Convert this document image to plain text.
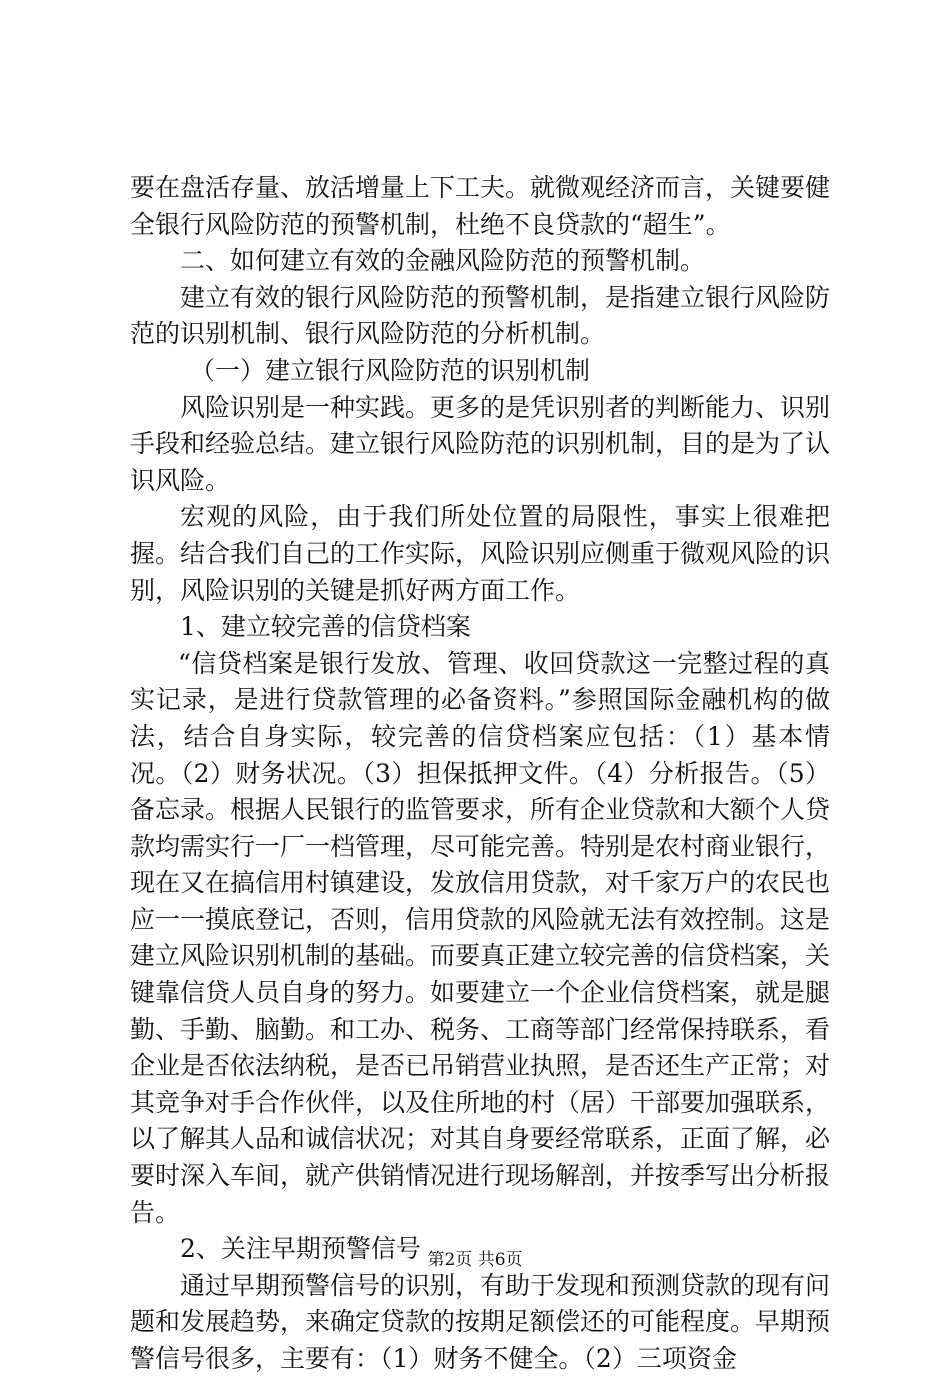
要在盘活存量、放活增量上下工夫。就微观经济而言，关键要健全银行风险防范的预警机制，杜绝不良贷款的“超生”。

二、如何建立有效的金融风险防范的预警机制。

建立有效的银行风险防范的预警机制，是指建立银行风险防范的识别机制、银行风险防范的分析机制。

（一）建立银行风险防范的识别机制

风险识别是一种实践。更多的是凭识别者的判断能力、识别手段和经验总结。建立银行风险防范的识别机制，目的是为了认识风险。

宏观的风险，由于我们所处位置的局限性，事实上很难把握。结合我们自己的工作实际，风险识别应侧重于微观风险的识别，风险识别的关键是抓好两方面工作。

1、建立较完善的信贷档案

“信贷档案是银行发放、管理、收回贷款这一完整过程的真实记录，是进行贷款管理的必备资料。”参照国际金融机构的做法，结合自身实际，较完善的信贷档案应包括：（1）基本情况。（2）财务状况。（3）担保抵押文件。（4）分析报告。（5）备忘录。根据人民银行的监管要求，所有企业贷款和大额个人贷款均需实行一厂一档管理，尽可能完善。特别是农村商业银行，现在又在搞信用村镇建设，发放信用贷款，对千家万户的农民也应一一摸底登记，否则，信用贷款的风险就无法有效控制。这是建立风险识别机制的基础。而要真正建立较完善的信贷档案，关键靠信贷人员自身的努力。如要建立一个企业信贷档案，就是腿勤、手勤、脑勤。和工办、税务、工商等部门经常保持联系，看企业是否依法纳税，是否已吊销营业执照，是否还生产正常；对其竞争对手合作伙伴，以及住所地的村（居）干部要加强联系，以了解其人品和诚信状况；对其自身要经常联系，正面了解，必要时深入车间，就产供销情况进行现场解剖，并按季写出分析报告。

2、关注早期预警信号

通过早期预警信号的识别，有助于发现和预测贷款的现有问题和发展趋势，来确定贷款的按期足额偿还的可能程度。早期预警信号很多，主要有：（1）财务不健全。（2）三项资金

第2页 共6页
